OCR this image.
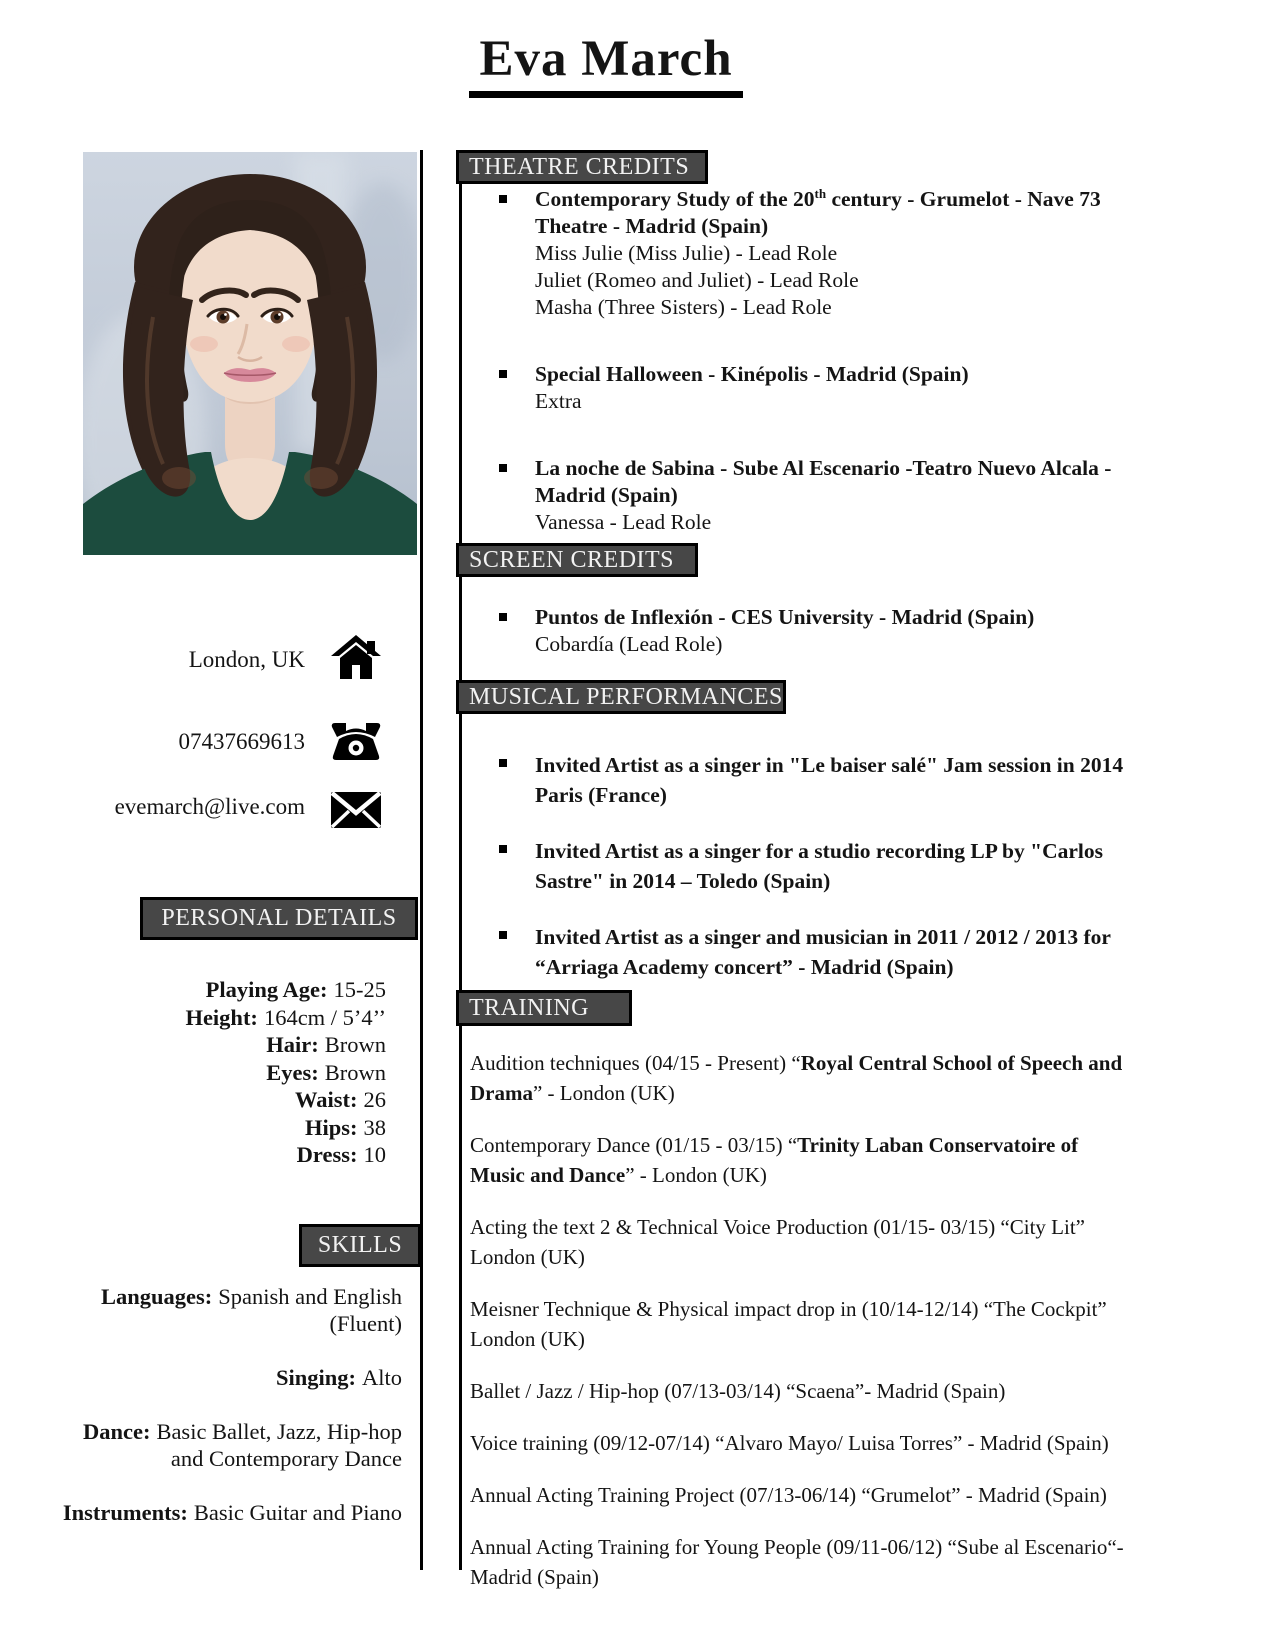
Eva March
London, UK
07437669613
evemarch@live.com
PERSONAL DETAILS
Playing Age: 15-25
Height: 164cm / 5’4’’
Hair: Brown
Eyes: Brown
Waist: 26
Hips: 38
Dress: 10
SKILLS
Languages: Spanish and English (Fluent)
Singing: Alto
Dance: Basic Ballet, Jazz, Hip-hop and Contemporary Dance
Instruments: Basic Guitar and Piano
THEATRE CREDITS
Contemporary Study of the 20th century - Grumelot - Nave 73 Theatre - Madrid (Spain)
Miss Julie (Miss Julie) - Lead Role
Juliet (Romeo and Juliet) - Lead Role
Masha (Three Sisters) - Lead Role
Special Halloween - Kinépolis - Madrid (Spain)
Extra
La noche de Sabina - Sube Al Escenario -Teatro Nuevo Alcala - Madrid (Spain)
Vanessa - Lead Role
SCREEN CREDITS
Puntos de Inflexión - CES University - Madrid (Spain)
Cobardía (Lead Role)
MUSICAL PERFORMANCES
Invited Artist as a singer in "Le baiser salé" Jam session in 2014 Paris (France)
Invited Artist as a singer for a studio recording LP by "Carlos Sastre" in 2014 – Toledo (Spain)
Invited Artist as a singer and musician in 2011 / 2012 / 2013 for “Arriaga Academy concert” - Madrid (Spain)
TRAINING
Audition techniques (04/15 - Present) “Royal Central School of Speech and Drama” - London (UK)
Contemporary Dance (01/15 - 03/15) “Trinity Laban Conservatoire of Music and Dance” - London (UK)
Acting the text 2 & Technical Voice Production (01/15- 03/15) “City Lit” London (UK)
Meisner Technique & Physical impact drop in (10/14-12/14) “The Cockpit” London (UK)
Ballet / Jazz / Hip-hop (07/13-03/14) “Scaena”- Madrid (Spain)
Voice training (09/12-07/14) “Alvaro Mayo/ Luisa Torres” - Madrid (Spain)
Annual Acting Training Project (07/13-06/14) “Grumelot” - Madrid (Spain)
Annual Acting Training for Young People (09/11-06/12) “Sube al Escenario“- Madrid (Spain)
